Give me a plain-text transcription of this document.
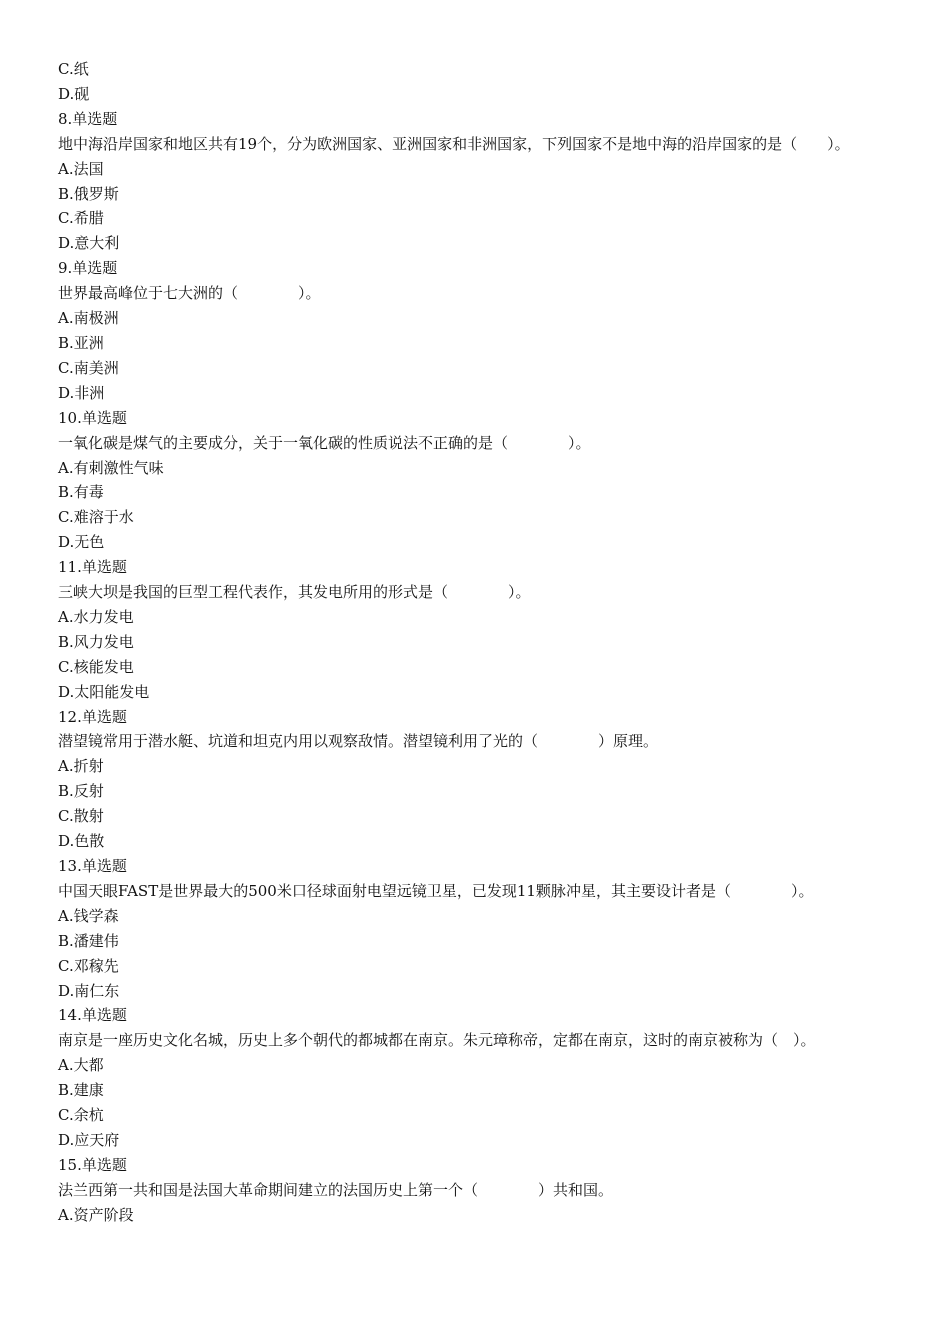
C.纸

D.砚

8.单选题

地中海沿岸国家和地区共有19个，分为欧洲国家、亚洲国家和非洲国家，下列国家不是地中海的沿岸国家的是（　　）。

A.法国

B.俄罗斯

C.希腊

D.意大利

9.单选题

世界最高峰位于七大洲的（　　　　）。

A.南极洲

B.亚洲

C.南美洲

D.非洲

10.单选题

一氧化碳是煤气的主要成分，关于一氧化碳的性质说法不正确的是（　　　　）。

A.有刺激性气味

B.有毒

C.难溶于水

D.无色

11.单选题

三峡大坝是我国的巨型工程代表作，其发电所用的形式是（　　　　）。

A.水力发电

B.风力发电

C.核能发电

D.太阳能发电

12.单选题

潜望镜常用于潜水艇、坑道和坦克内用以观察敌情。潜望镜利用了光的（　　　　）原理。

A.折射

B.反射

C.散射

D.色散

13.单选题

中国天眼FAST是世界最大的500米口径球面射电望远镜卫星，已发现11颗脉冲星，其主要设计者是（　　　　）。

A.钱学森

B.潘建伟

C.邓稼先

D.南仁东

14.单选题

南京是一座历史文化名城，历史上多个朝代的都城都在南京。朱元璋称帝，定都在南京，这时的南京被称为（　）。

A.大都

B.建康

C.余杭

D.应天府

15.单选题

法兰西第一共和国是法国大革命期间建立的法国历史上第一个（　　　　）共和国。

A.资产阶段
